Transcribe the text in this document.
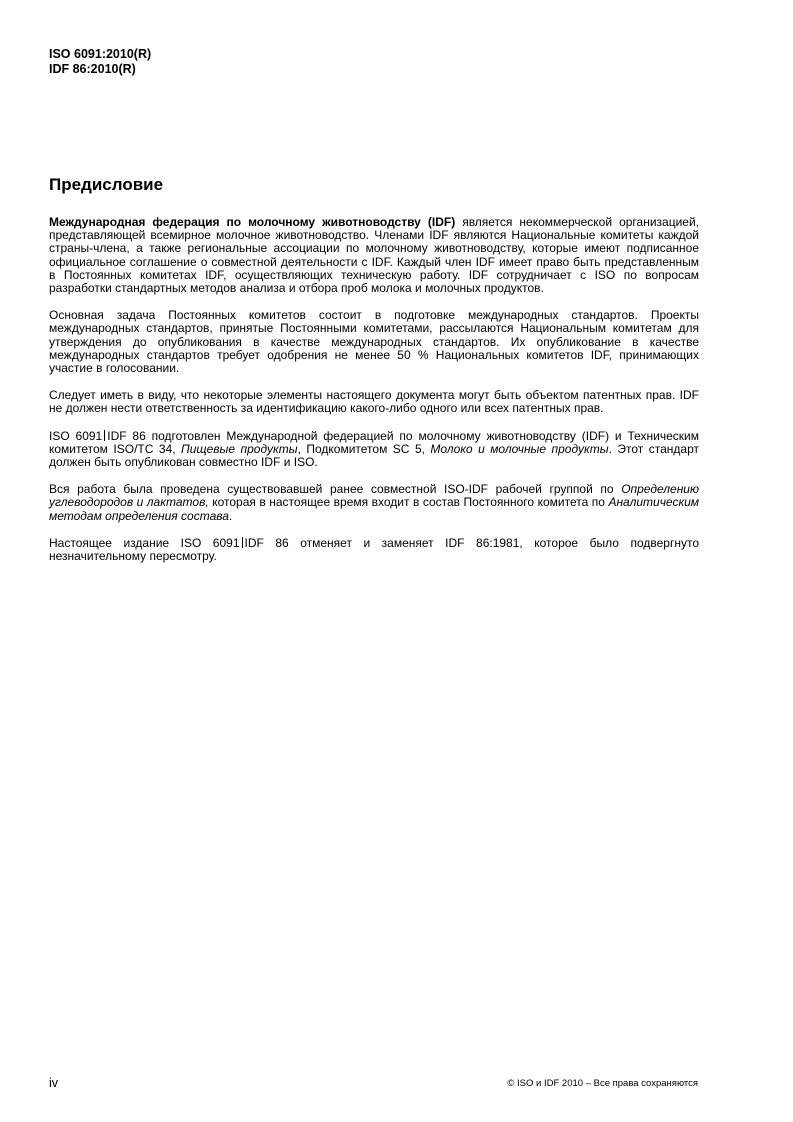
ISO 6091:2010(R)
IDF 86:2010(R)
Предисловие

Международная федерация по молочному животноводству (IDF) является некоммерческой организацией, представляющей всемирное молочное животноводство. Членами IDF являются Национальные комитеты каждой страны-члена, а также региональные ассоциации по молочному животноводству, которые имеют подписанное официальное соглашение о совместной деятельности с IDF. Каждый член IDF имеет право быть представленным в Постоянных комитетах IDF, осуществляющих техническую работу. IDF сотрудничает с ISO по вопросам разработки стандартных методов анализа и отбора проб молока и молочных продуктов.

Основная задача Постоянных комитетов состоит в подготовке международных стандартов. Проекты международных стандартов, принятые Постоянными комитетами, рассылаются Национальным комитетам для утверждения до опубликования в качестве международных стандартов. Их опубликование в качестве международных стандартов требует одобрения не менее 50 % Национальных комитетов IDF, принимающих участие в голосовании.

Следует иметь в виду, что некоторые элементы настоящего документа могут быть объектом патентных прав. IDF не должен нести ответственность за идентификацию какого-либо одного или всех патентных прав.

ISO 6091 IDF 86 подготовлен Международной федерацией по молочному животноводству (IDF) и Техническим комитетом ISO/TC 34, Пищевые продукты, Подкомитетом SC 5, Молоко и молочные продукты. Этот стандарт должен быть опубликован совместно IDF и ISO.

Вся работа была проведена существовавшей ранее совместной ISO-IDF рабочей группой по Определению углеводородов и лактатов, которая в настоящее время входит в состав Постоянного комитета по Аналитическим методам определения состава.

Настоящее издание ISO 6091 IDF 86 отменяет и заменяет IDF 86:1981, которое было подвергнуто незначительному пересмотру.

iv	© ISO и IDF 2010 – Все права сохраняются
